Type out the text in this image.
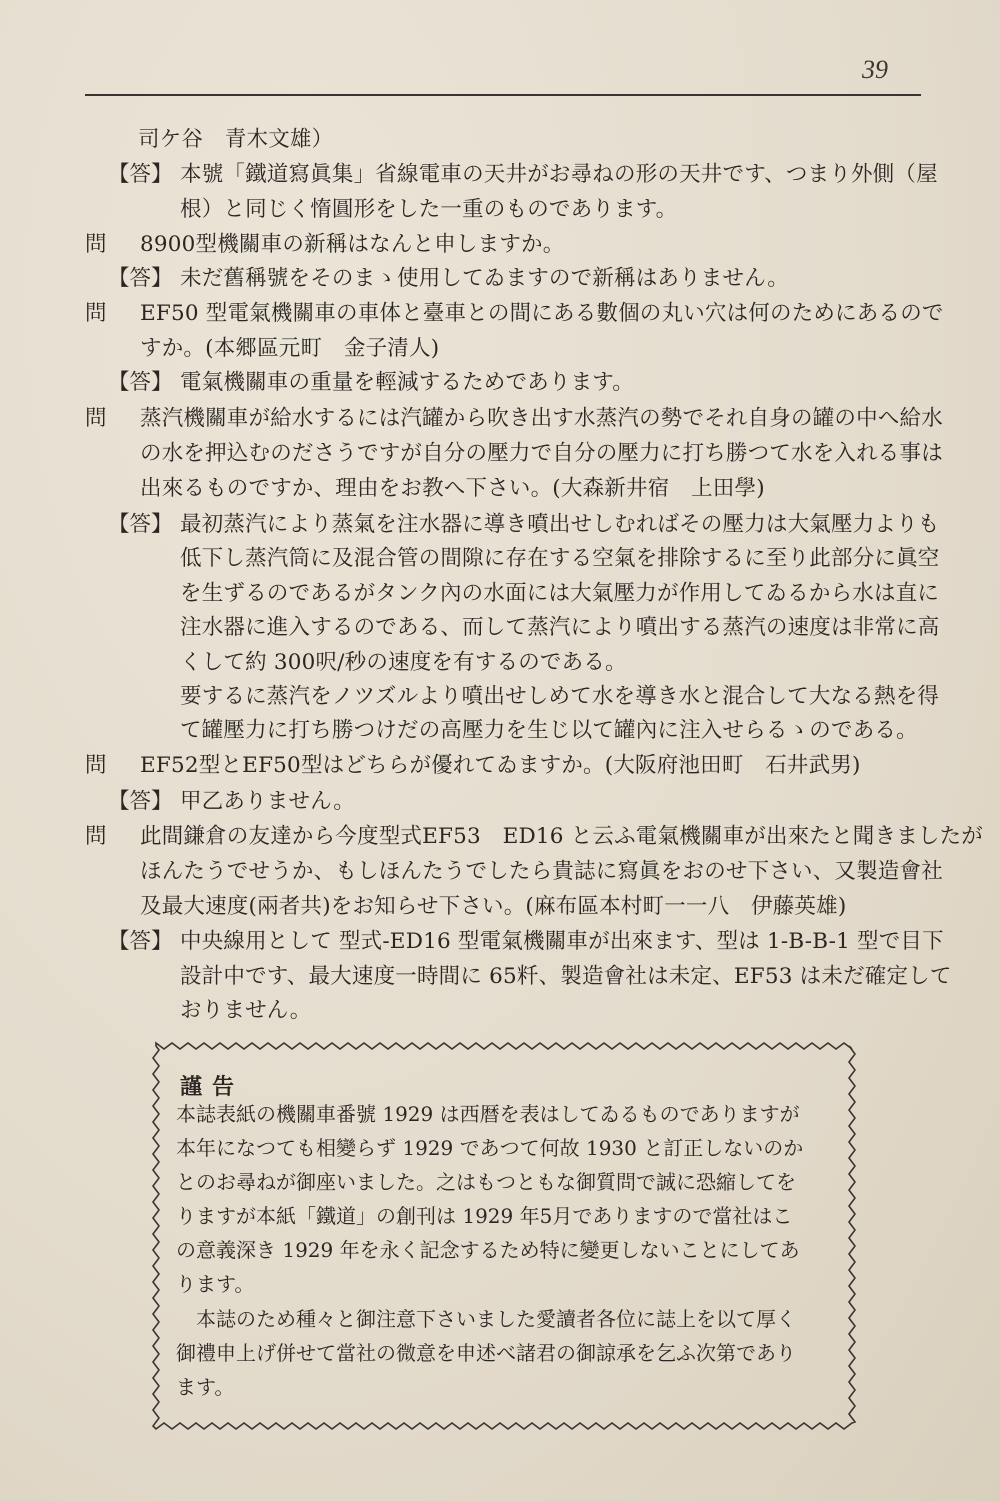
39

司ケ谷　青木文雄）

【答】 本號「鐵道寫眞集」省線電車の天井がお尋ねの形の天井です、つまり外側（屋

根）と同じく惰圓形をした一重のものであります。

問 8900型機關車の新稱はなんと申しますか。

【答】 未だ舊稱號をそのまゝ使用してゐますので新稱はありません。

問 EF50 型電氣機關車の車体と臺車との間にある數個の丸い穴は何のためにあるので

すか。(本郷區元町　金子清人)

【答】 電氣機關車の重量を輕減するためであります。

問 蒸汽機關車が給水するには汽罐から吹き出す水蒸汽の勢でそれ自身の罐の中へ給水

の水を押込むのださうですが自分の壓力で自分の壓力に打ち勝つて水を入れる事は

出來るものですか、理由をお教へ下さい。(大森新井宿　上田學)

【答】 最初蒸汽により蒸氣を注水器に導き噴出せしむればその壓力は大氣壓力よりも

低下し蒸汽筒に及混合管の間隙に存在する空氣を排除するに至り此部分に眞空

を生ずるのであるがタンク內の水面には大氣壓力が作用してゐるから水は直に

注水器に進入するのである、而して蒸汽により噴出する蒸汽の速度は非常に高

くして約 300呎/秒の速度を有するのである。

要するに蒸汽をノツズルより噴出せしめて水を導き水と混合して大なる熱を得

て罐壓力に打ち勝つけだの高壓力を生じ以て罐內に注入せらるゝのである。

問 EF52型とEF50型はどちらが優れてゐますか。(大阪府池田町　石井武男)

【答】 甲乙ありません。

問 此間鎌倉の友達から今度型式EF53　ED16 と云ふ電氣機關車が出來たと聞きましたが

ほんたうでせうか、もしほんたうでしたら貴誌に寫眞をおのせ下さい、又製造會社

及最大速度(兩者共)をお知らせ下さい。(麻布區本村町一一八　伊藤英雄)

【答】 中央線用として 型式-ED16 型電氣機關車が出來ます、型は 1-B-B-1 型で目下

設計中です、最大速度一時間に 65粁、製造會社は未定、EF53 は未だ確定して

おりません。

謹告

本誌表紙の機關車番號 1929 は西暦を表はしてゐるものでありますが

本年になつても相變らず 1929 であつて何故 1930 と訂正しないのか

とのお尋ねが御座いました。之はもつともな御質問で誠に恐縮してを

りますが本紙「鐵道」の創刊は 1929 年5月でありますので當社はこ

の意義深き 1929 年を永く記念するため特に變更しないことにしてあ

ります。

本誌のため種々と御注意下さいました愛讀者各位に誌上を以て厚く

御禮申上げ併せて當社の微意を申述べ諸君の御諒承を乞ふ次第であり

ます。
